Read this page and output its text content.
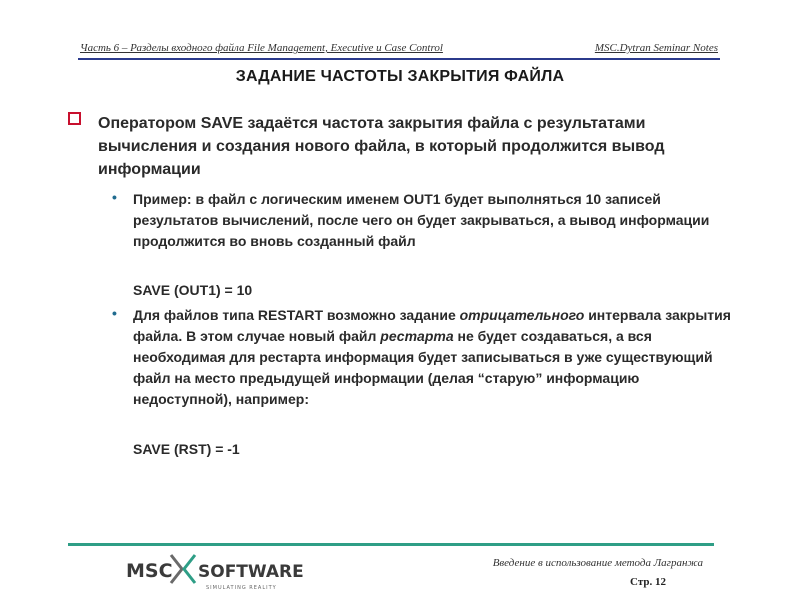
Часть 6 – Разделы входного файла File Management, Executive и Case Control	MSC.Dytran Seminar Notes
ЗАДАНИЕ ЧАСТОТЫ ЗАКРЫТИЯ ФАЙЛА
Оператором SAVE задаётся частота закрытия файла с результатами вычисления и создания нового файла, в который продолжится вывод информации
• Пример: в файл с логическим именем OUT1 будет выполняться 10 записей результатов вычислений, после чего он будет закрываться, а вывод информации продолжится во вновь созданный файл
SAVE (OUT1) = 10
• Для файлов типа RESTART возможно задание отрицательного интервала закрытия файла. В этом случае новый файл рестарта не будет создаваться, а вся необходимая для рестарта информация будет записываться в уже существующий файл на место предыдущей информации (делая “старую” информацию недоступной), например:
SAVE (RST) = -1
MSC SOFTWARE
SIMULATING REALITY
Введение в использование метода Лагранжа
Стр. 12
